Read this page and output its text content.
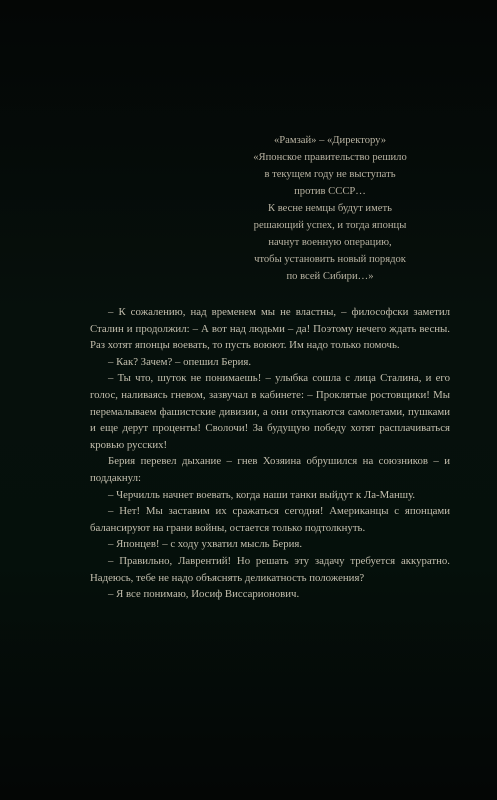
«Рамзай» – «Директору»
«Японское правительство решило
в текущем году не выступать
против СССР…
К весне немцы будут иметь
решающий успех, и тогда японцы
начнут военную операцию,
чтобы установить новый порядок
по всей Сибири…»

– К сожалению, над временем мы не властны, – философски заметил Сталин и продолжил: – А вот над людьми – да! Поэтому нечего ждать весны. Раз хотят японцы воевать, то пусть воюют. Им надо только помочь.

– Как? Зачем? – опешил Берия.

– Ты что, шуток не понимаешь! – улыбка сошла с лица Сталина, и его голос, наливаясь гневом, зазвучал в кабинете: – Проклятые ростовщики! Мы перемалываем фашистские дивизии, а они откупаются самолетами, пушками и еще дерут проценты! Сволочи! За будущую победу хотят расплачиваться кровью русских!

Берия перевел дыхание – гнев Хозяина обрушился на союзников – и поддакнул:

– Черчилль начнет воевать, когда наши танки выйдут к Ла-Маншу.

– Нет! Мы заставим их сражаться сегодня! Американцы с японцами балансируют на грани войны, остается только подтолкнуть.

– Японцев! – с ходу ухватил мысль Берия.

– Правильно, Лаврентий! Но решать эту задачу требуется аккуратно. Надеюсь, тебе не надо объяснять деликатность положения?

– Я все понимаю, Иосиф Виссарионович.
